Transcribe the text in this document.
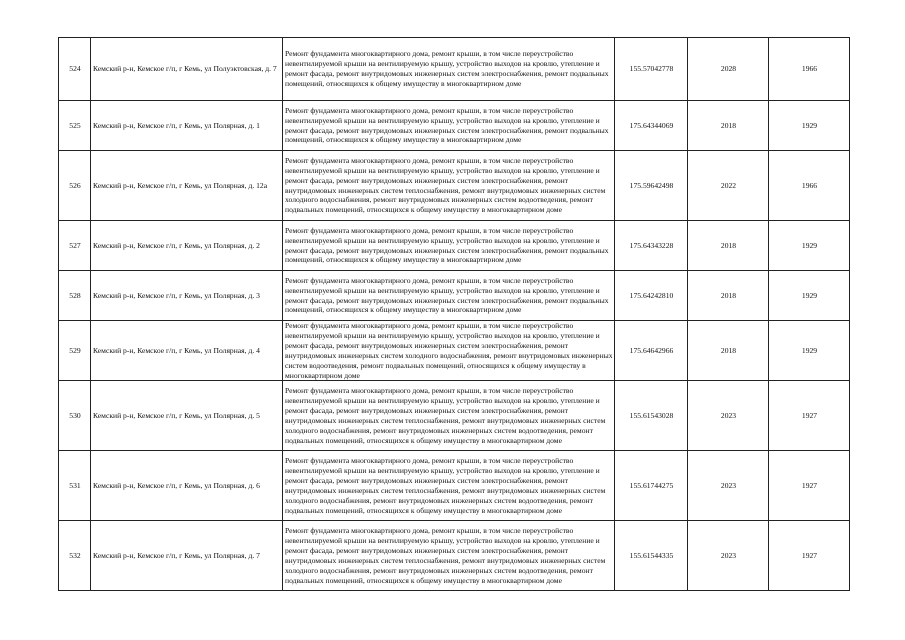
524	Кемский р-н, Кемское г/п, г Кемь, ул Полуэктовская, д. 7	Ремонт фундамента многоквартирного дома, ремонт крыши, в том числе переустройство невентилируемой крыши на вентилируемую крышу, устройство выходов на кровлю, утепление и ремонт фасада, ремонт внутридомовых инженерных систем электроснабжения, ремонт подвальных помещений, относящихся к общему имуществу в многоквартирном доме	155.57042778	2028	1966
525	Кемский р-н, Кемское г/п, г Кемь, ул Полярная, д. 1	Ремонт фундамента многоквартирного дома, ремонт крыши, в том числе переустройство невентилируемой крыши на вентилируемую крышу, устройство выходов на кровлю, утепление и ремонт фасада, ремонт внутридомовых инженерных систем электроснабжения, ремонт подвальных помещений, относящихся к общему имуществу в многоквартирном доме	175.64344069	2018	1929
526	Кемский р-н, Кемское г/п, г Кемь, ул Полярная, д. 12а	Ремонт фундамента многоквартирного дома, ремонт крыши, в том числе переустройство невентилируемой крыши на вентилируемую крышу, устройство выходов на кровлю, утепление и ремонт фасада, ремонт внутридомовых инженерных систем электроснабжения, ремонт внутридомовых инженерных систем теплоснабжения, ремонт внутридомовых инженерных систем холодного водоснабжения, ремонт внутридомовых инженерных систем водоотведения, ремонт подвальных помещений, относящихся к общему имуществу в многоквартирном доме	175.59642498	2022	1966
527	Кемский р-н, Кемское г/п, г Кемь, ул Полярная, д. 2	Ремонт фундамента многоквартирного дома, ремонт крыши, в том числе переустройство невентилируемой крыши на вентилируемую крышу, устройство выходов на кровлю, утепление и ремонт фасада, ремонт внутридомовых инженерных систем электроснабжения, ремонт подвальных помещений, относящихся к общему имуществу в многоквартирном доме	175.64343228	2018	1929
528	Кемский р-н, Кемское г/п, г Кемь, ул Полярная, д. 3	Ремонт фундамента многоквартирного дома, ремонт крыши, в том числе переустройство невентилируемой крыши на вентилируемую крышу, устройство выходов на кровлю, утепление и ремонт фасада, ремонт внутридомовых инженерных систем электроснабжения, ремонт подвальных помещений, относящихся к общему имуществу в многоквартирном доме	175.64242810	2018	1929
529	Кемский р-н, Кемское г/п, г Кемь, ул Полярная, д. 4	Ремонт фундамента многоквартирного дома, ремонт крыши, в том числе переустройство невентилируемой крыши на вентилируемую крышу, устройство выходов на кровлю, утепление и ремонт фасада, ремонт внутридомовых инженерных систем электроснабжения, ремонт внутридомовых инженерных систем холодного водоснабжения, ремонт внутридомовых инженерных систем водоотведения, ремонт подвальных помещений, относящихся к общему имуществу в многоквартирном доме	175.64642966	2018	1929
530	Кемский р-н, Кемское г/п, г Кемь, ул Полярная, д. 5	Ремонт фундамента многоквартирного дома, ремонт крыши, в том числе переустройство невентилируемой крыши на вентилируемую крышу, устройство выходов на кровлю, утепление и ремонт фасада, ремонт внутридомовых инженерных систем электроснабжения, ремонт внутридомовых инженерных систем теплоснабжения, ремонт внутридомовых инженерных систем холодного водоснабжения, ремонт внутридомовых инженерных систем водоотведения, ремонт подвальных помещений, относящихся к общему имуществу в многоквартирном доме	155.61543028	2023	1927
531	Кемский р-н, Кемское г/п, г Кемь, ул Полярная, д. 6	Ремонт фундамента многоквартирного дома, ремонт крыши, в том числе переустройство невентилируемой крыши на вентилируемую крышу, устройство выходов на кровлю, утепление и ремонт фасада, ремонт внутридомовых инженерных систем электроснабжения, ремонт внутридомовых инженерных систем теплоснабжения, ремонт внутридомовых инженерных систем холодного водоснабжения, ремонт внутридомовых инженерных систем водоотведения, ремонт подвальных помещений, относящихся к общему имуществу в многоквартирном доме	155.61744275	2023	1927
532	Кемский р-н, Кемское г/п, г Кемь, ул Полярная, д. 7	Ремонт фундамента многоквартирного дома, ремонт крыши, в том числе переустройство невентилируемой крыши на вентилируемую крышу, устройство выходов на кровлю, утепление и ремонт фасада, ремонт внутридомовых инженерных систем электроснабжения, ремонт внутридомовых инженерных систем теплоснабжения, ремонт внутридомовых инженерных систем холодного водоснабжения, ремонт внутридомовых инженерных систем водоотведения, ремонт подвальных помещений, относящихся к общему имуществу в многоквартирном доме	155.61544335	2023	1927
